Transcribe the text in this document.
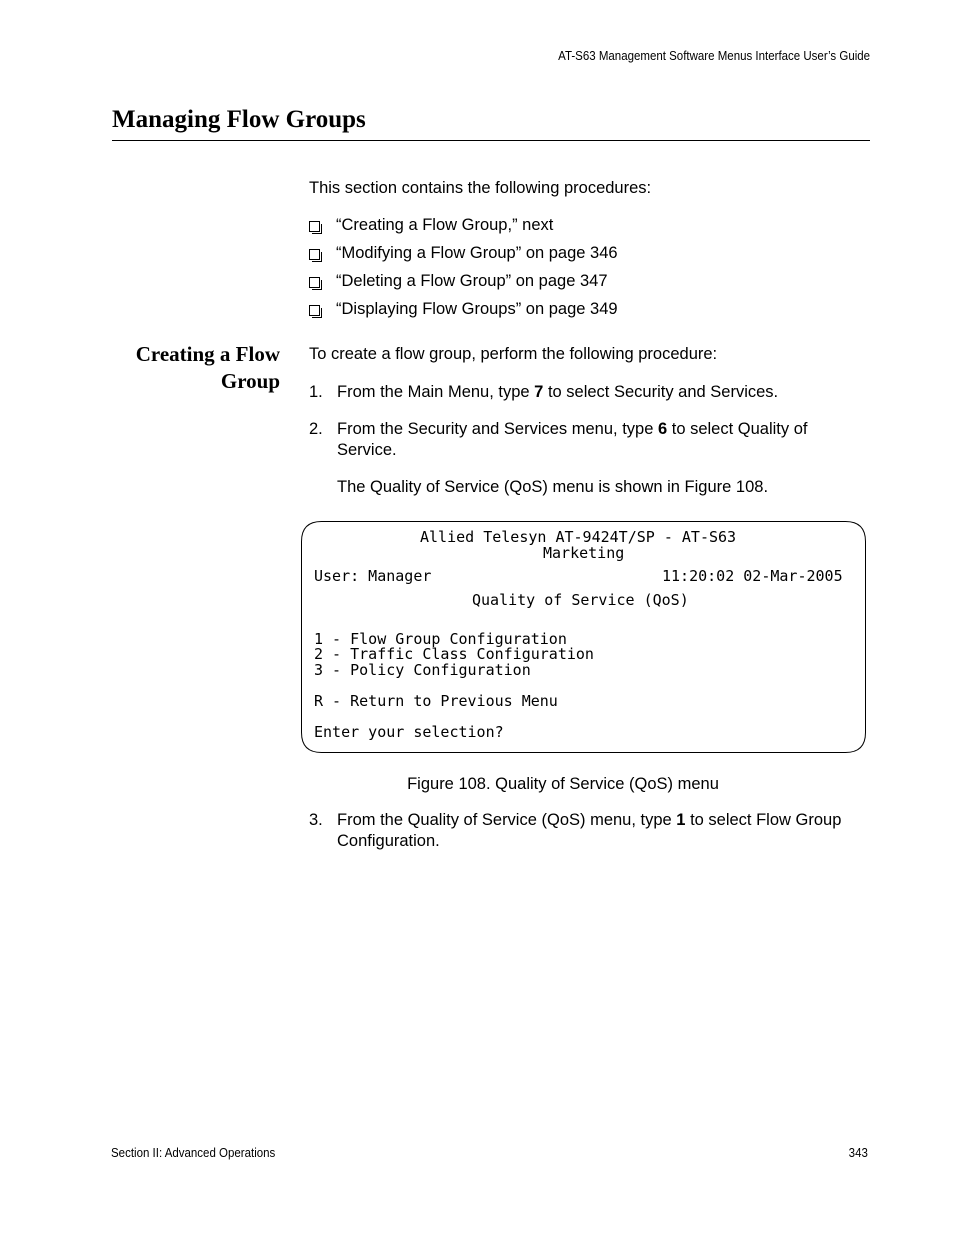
AT-S63 Management Software Menus Interface User’s Guide
Managing Flow Groups
This section contains the following procedures:
“Creating a Flow Group,” next
“Modifying a Flow Group” on page 346
“Deleting a Flow Group” on page 347
“Displaying Flow Groups” on page 349
Creating a Flow
Group
To create a flow group, perform the following procedure:
1. From the Main Menu, type 7 to select Security and Services.
2. From the Security and Services menu, type 6 to select Quality of Service.
The Quality of Service (QoS) menu is shown in Figure 108.
Allied Telesyn AT-9424T/SP - AT-S63
Marketing
User: Manager	11:20:02 02-Mar-2005
Quality of Service (QoS)
1 - Flow Group Configuration
2 - Traffic Class Configuration
3 - Policy Configuration
R - Return to Previous Menu
Enter your selection?
Figure 108. Quality of Service (QoS) menu
3. From the Quality of Service (QoS) menu, type 1 to select Flow Group Configuration.
Section II: Advanced Operations	343
